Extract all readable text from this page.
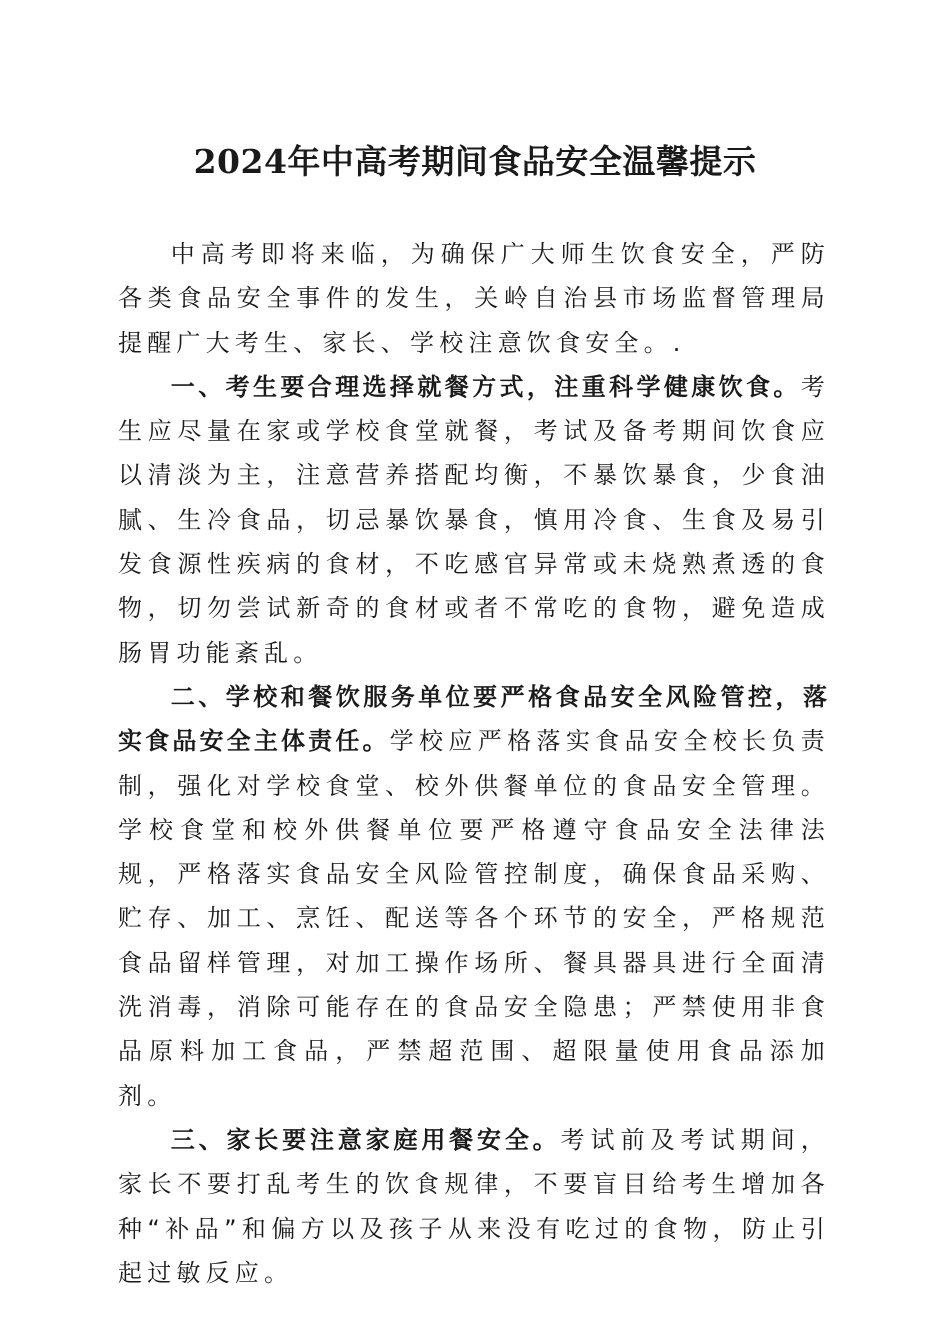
2024年中高考期间食品安全温馨提示

中高考即将来临，为确保广大师生饮食安全，严防各类食品安全事件的发生，关岭自治县市场监督管理局提醒广大考生、家长、学校注意饮食安全。.

一、考生要合理选择就餐方式，注重科学健康饮食。考生应尽量在家或学校食堂就餐，考试及备考期间饮食应以清淡为主，注意营养搭配均衡，不暴饮暴食，少食油腻、生冷食品，切忌暴饮暴食，慎用冷食、生食及易引发食源性疾病的食材，不吃感官异常或未烧熟煮透的食物，切勿尝试新奇的食材或者不常吃的食物，避免造成肠胃功能紊乱。

二、学校和餐饮服务单位要严格食品安全风险管控，落实食品安全主体责任。学校应严格落实食品安全校长负责制，强化对学校食堂、校外供餐单位的食品安全管理。学校食堂和校外供餐单位要严格遵守食品安全法律法规，严格落实食品安全风险管控制度，确保食品采购、贮存、加工、烹饪、配送等各个环节的安全，严格规范食品留样管理，对加工操作场所、餐具器具进行全面清洗消毒，消除可能存在的食品安全隐患；严禁使用非食品原料加工食品，严禁超范围、超限量使用食品添加剂。

三、家长要注意家庭用餐安全。考试前及考试期间，家长不要打乱考生的饮食规律，不要盲目给考生增加各种“补品”和偏方以及孩子从来没有吃过的食物，防止引起过敏反应。
